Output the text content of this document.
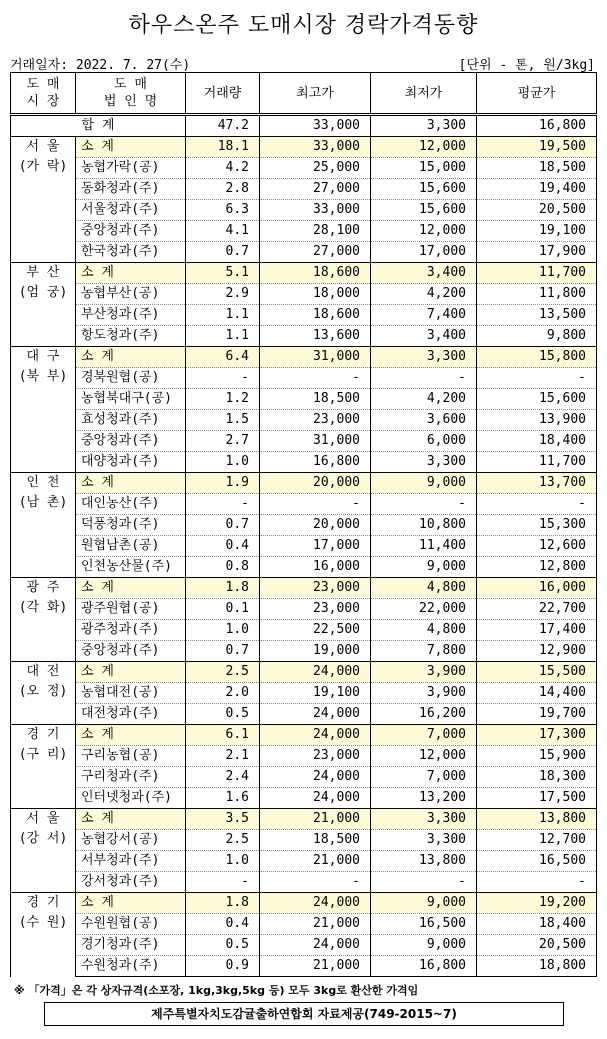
하우스온주 도매시장 경락가격동향
거래일자: 2022. 7. 27(수)	[단위 - 톤, 원/3kg]
도 매
시 장	도 매
법 인 명	거래량	최고가	최저가	평균가
합 계		47.2	33,000	3,300	16,800

서 울
(가 락)	소 계	18.1	33,000	12,000	19,500
	농협가락(공)	4.2	25,000	15,000	18,500
	동화청과(주)	2.8	27,000	15,600	19,400
	서울청과(주)	6.3	33,000	15,600	20,500
	중앙청과(주)	4.1	28,100	12,000	19,100
	한국청과(주)	0.7	27,000	17,000	17,900

부 산
(엄 궁)	소 계	5.1	18,600	3,400	11,700
	농협부산(공)	2.9	18,000	4,200	11,800
	부산청과(주)	1.1	18,600	7,400	13,500
	항도청과(주)	1.1	13,600	3,400	9,800

대 구
(북 부)	소 계	6.4	31,000	3,300	15,800
	경북원협(공)	-	-	-	-
	농협북대구(공)	1.2	18,500	4,200	15,600
	효성청과(주)	1.5	23,000	3,600	13,900
	중앙청과(주)	2.7	31,000	6,000	18,400
	대양청과(주)	1.0	16,800	3,300	11,700

인 천
(남 촌)	소 계	1.9	20,000	9,000	13,700
	대인농산(주)	-	-	-	-
	덕풍청과(주)	0.7	20,000	10,800	15,300
	원협남촌(공)	0.4	17,000	11,400	12,600
	인천농산물(주)	0.8	16,000	9,000	12,800

광 주
(각 화)	소 계	1.8	23,000	4,800	16,000
	광주원협(공)	0.1	23,000	22,000	22,700
	광주청과(주)	1.0	22,500	4,800	17,400
	중앙청과(주)	0.7	19,000	7,800	12,900

대 전
(오 정)	소 계	2.5	24,000	3,900	15,500
	농협대전(공)	2.0	19,100	3,900	14,400
	대전청과(주)	0.5	24,000	16,200	19,700

경 기
(구 리)	소 계	6.1	24,000	7,000	17,300
	구리농협(공)	2.1	23,000	12,000	15,900
	구리청과(주)	2.4	24,000	7,000	18,300
	인터넷청과(주)	1.6	24,000	13,200	17,500

서 울
(강 서)	소 계	3.5	21,000	3,300	13,800
	농협강서(공)	2.5	18,500	3,300	12,700
	서부청과(주)	1.0	21,000	13,800	16,500
	강서청과(주)	-	-	-	-

경 기
(수 원)	소 계	1.8	24,000	9,000	19,200
	수원원협(공)	0.4	21,000	16,500	18,400
	경기청과(주)	0.5	24,000	9,000	20,500
	수원청과(주)	0.9	21,000	16,800	18,800
※ 「가격」은 각 상자규격(소포장, 1kg,3kg,5kg 등) 모두 3kg로 환산한 가격임
제주특별자치도감귤출하연합회 자료제공(749-2015~7)
